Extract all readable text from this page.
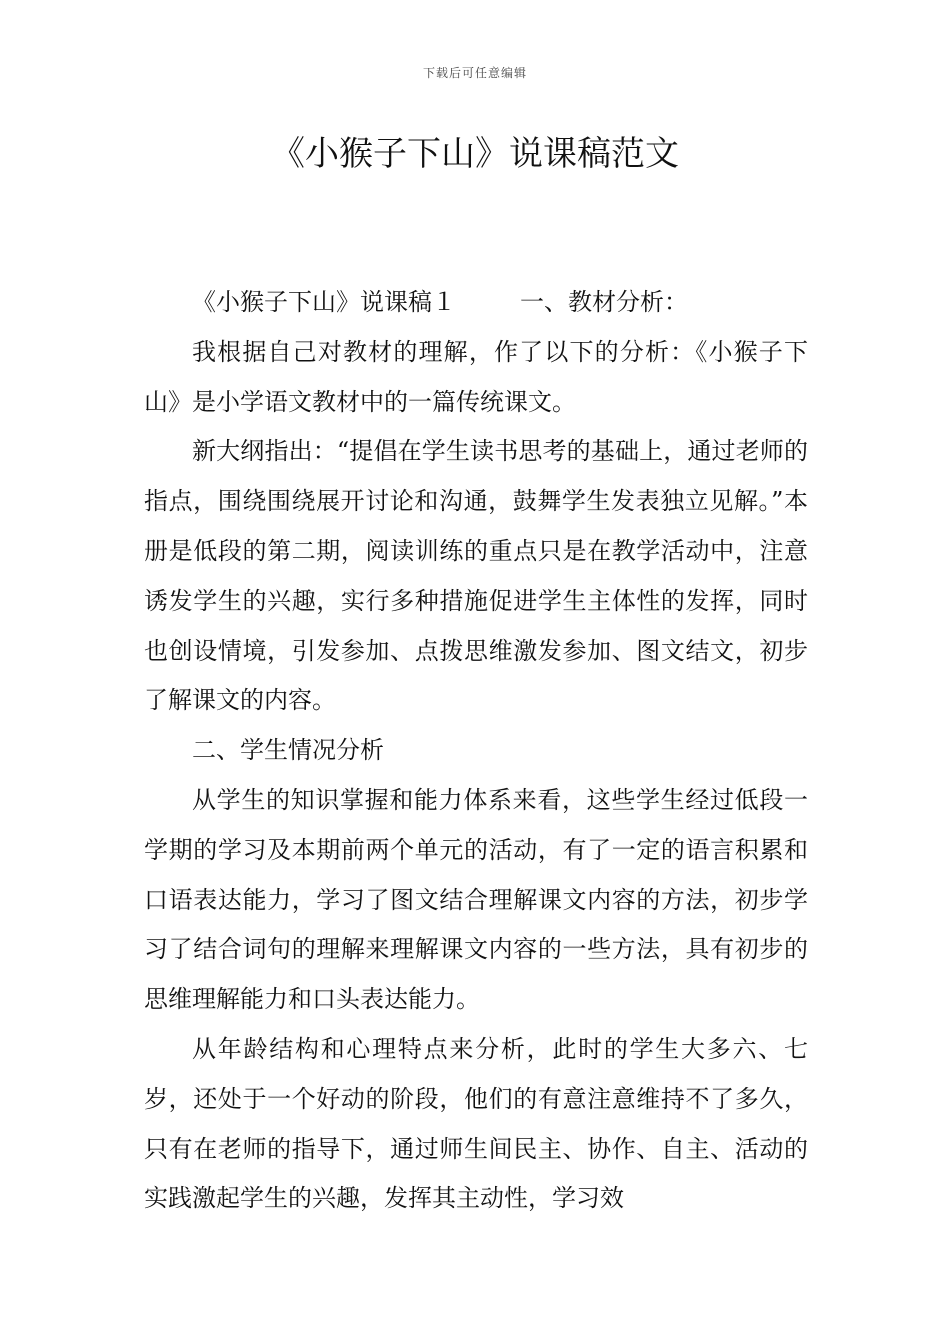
下载后可任意编辑
《小猴子下山》说课稿范文

《小猴子下山》说课稿１	一、教材分析：

我根据自己对教材的理解，作了以下的分析：《小猴子下山》是小学语文教材中的一篇传统课文。

新大纲指出：“提倡在学生读书思考的基础上，通过老师的指点，围绕围绕展开讨论和沟通，鼓舞学生发表独立见解。”本册是低段的第二期，阅读训练的重点只是在教学活动中，注意诱发学生的兴趣，实行多种措施促进学生主体性的发挥，同时也创设情境，引发参加、点拨思维激发参加、图文结文，初步了解课文的内容。

二、学生情况分析

从学生的知识掌握和能力体系来看，这些学生经过低段一学期的学习及本期前两个单元的活动，有了一定的语言积累和口语表达能力，学习了图文结合理解课文内容的方法，初步学习了结合词句的理解来理解课文内容的一些方法，具有初步的思维理解能力和口头表达能力。

从年龄结构和心理特点来分析，此时的学生大多六、七岁，还处于一个好动的阶段，他们的有意注意维持不了多久，只有在老师的指导下，通过师生间民主、协作、自主、活动的实践激起学生的兴趣，发挥其主动性，学习效
